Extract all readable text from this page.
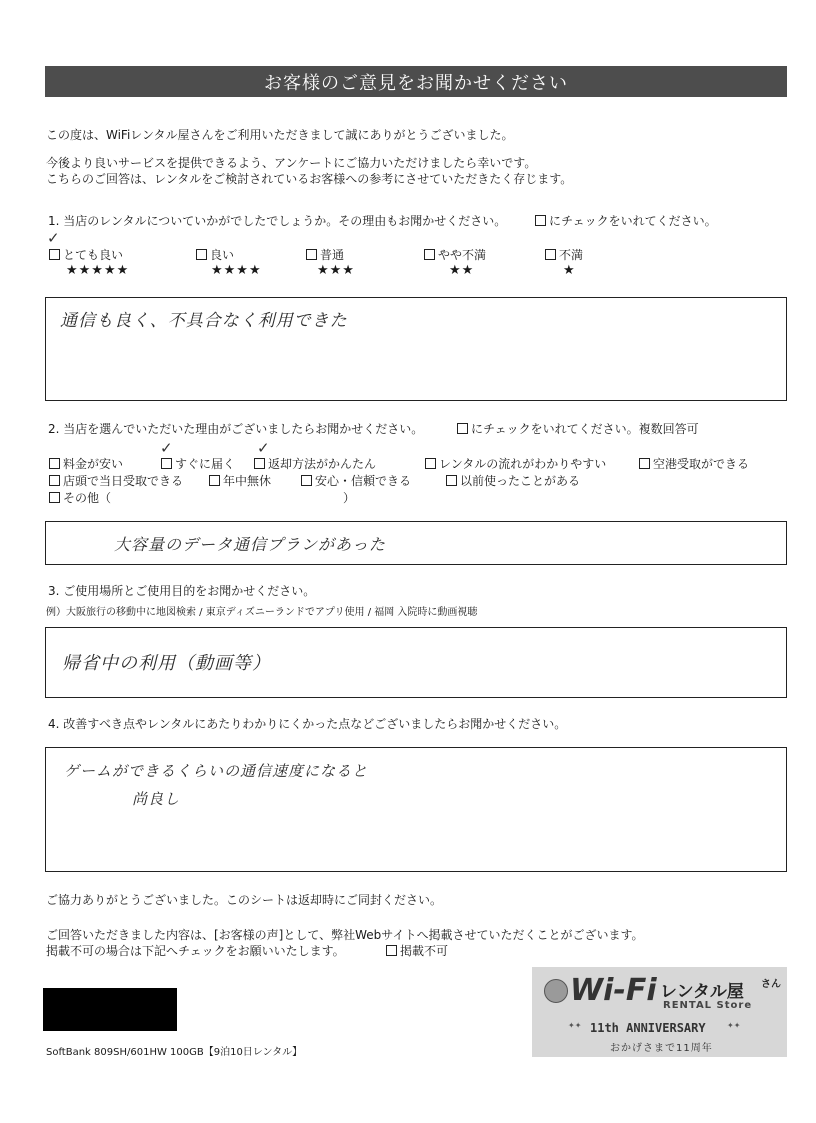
お客様のご意見をお聞かせください
この度は、WiFiレンタル屋さんをご利用いただきまして誠にありがとうございました。
今後より良いサービスを提供できるよう、アンケートにご協力いただけましたら幸いです。
こちらのご回答は、レンタルをご検討されているお客様への参考にさせていただきたく存じます。
1. 当店のレンタルについていかがでしたでしょうか。その理由もお聞かせください。	にチェックをいれてください。
✓
とても良い
★★★★★
良い
★★★★
普通
★★★
やや不満
★★
不満
★
通信も良く、不具合なく利用できた
2. 当店を選んでいただいた理由がございましたらお聞かせください。	にチェックをいれてください。複数回答可
✓	✓
料金が安い	すぐに届く	返却方法がかんたん	レンタルの流れがわかりやすい	空港受取ができる
店頭で当日受取できる	年中無休	安心・信頼できる	以前使ったことがある
その他（	）
大容量のデータ通信プランがあった
3. ご使用場所とご使用目的をお聞かせください。
例）大阪旅行の移動中に地図検索 / 東京ディズニーランドでアプリ使用 / 福岡 入院時に動画視聴
帰省中の利用（動画等）
4. 改善すべき点やレンタルにあたりわかりにくかった点などございましたらお聞かせください。
ゲームができるくらいの通信速度になると
尚良し
ご協力ありがとうございました。このシートは返却時にご同封ください。
ご回答いただきました内容は、[お客様の声]として、弊社Webサイトへ掲載させていただくことがございます。
掲載不可の場合は下記へチェックをお願いいたします。	掲載不可
SoftBank 809SH/601HW 100GB【9泊10日レンタル】
Wi-Fi レンタル屋 さん
RENTAL Store
✦✦ 11th ANNIVERSARY	✦✦
おかげさまで11周年
